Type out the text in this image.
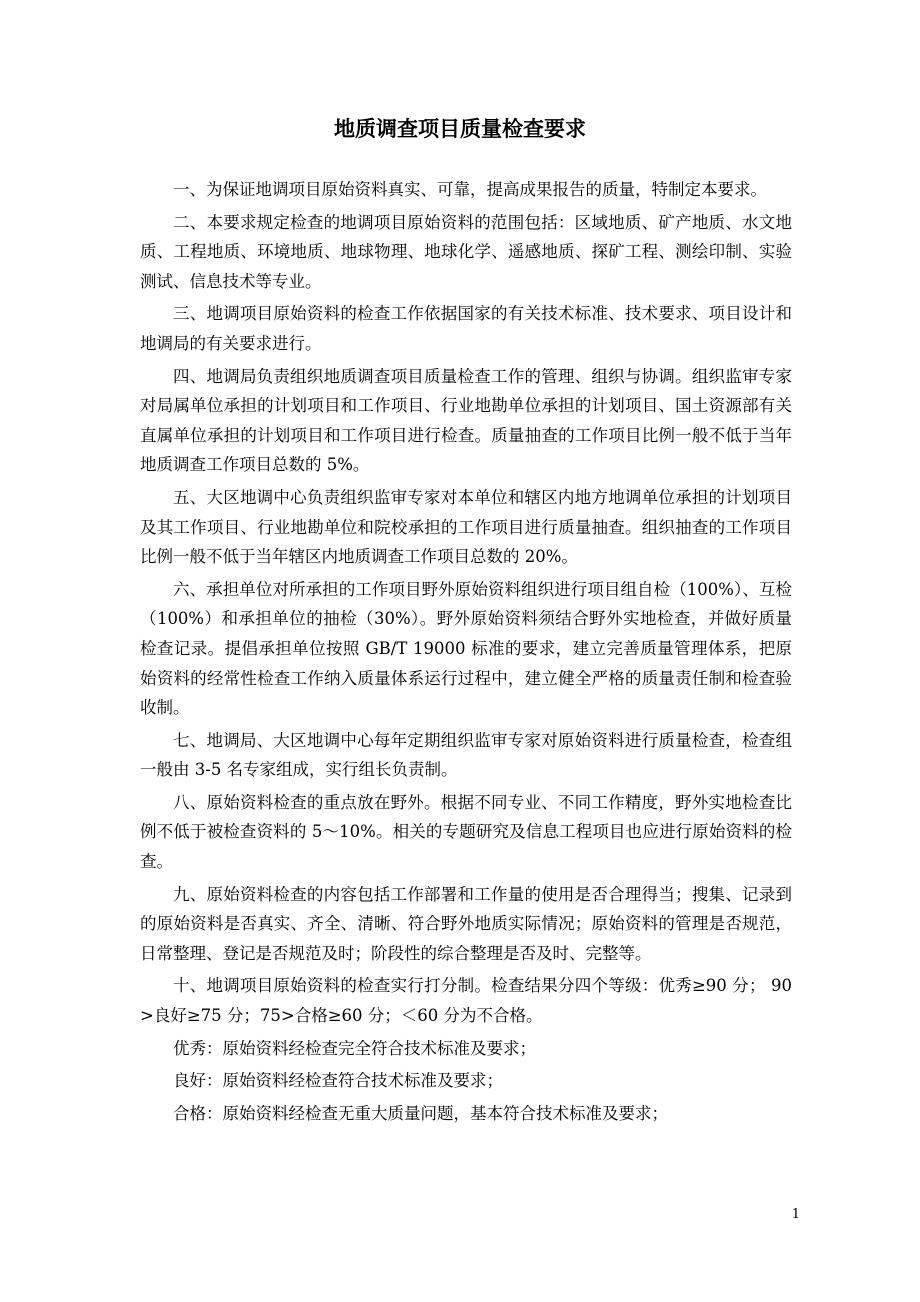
地质调查项目质量检查要求

一、为保证地调项目原始资料真实、可靠，提高成果报告的质量，特制定本要求。

二、本要求规定检查的地调项目原始资料的范围包括：区域地质、矿产地质、水文地质、工程地质、环境地质、地球物理、地球化学、遥感地质、探矿工程、测绘印制、实验测试、信息技术等专业。

三、地调项目原始资料的检查工作依据国家的有关技术标准、技术要求、项目设计和地调局的有关要求进行。

四、地调局负责组织地质调查项目质量检查工作的管理、组织与协调。组织监审专家对局属单位承担的计划项目和工作项目、行业地勘单位承担的计划项目、国土资源部有关直属单位承担的计划项目和工作项目进行检查。质量抽查的工作项目比例一般不低于当年地质调查工作项目总数的 5%。

五、大区地调中心负责组织监审专家对本单位和辖区内地方地调单位承担的计划项目及其工作项目、行业地勘单位和院校承担的工作项目进行质量抽查。组织抽查的工作项目比例一般不低于当年辖区内地质调查工作项目总数的 20%。

六、承担单位对所承担的工作项目野外原始资料组织进行项目组自检（100%）、互检（100%）和承担单位的抽检（30%）。野外原始资料须结合野外实地检查，并做好质量检查记录。提倡承担单位按照 GB/T 19000 标准的要求，建立完善质量管理体系，把原始资料的经常性检查工作纳入质量体系运行过程中，建立健全严格的质量责任制和检查验收制。

七、地调局、大区地调中心每年定期组织监审专家对原始资料进行质量检查，检查组一般由 3-5 名专家组成，实行组长负责制。

八、原始资料检查的重点放在野外。根据不同专业、不同工作精度，野外实地检查比例不低于被检查资料的 5～10%。相关的专题研究及信息工程项目也应进行原始资料的检查。

九、原始资料检查的内容包括工作部署和工作量的使用是否合理得当；搜集、记录到的原始资料是否真实、齐全、清晰、符合野外地质实际情况；原始资料的管理是否规范，日常整理、登记是否规范及时；阶段性的综合整理是否及时、完整等。

十、地调项目原始资料的检查实行打分制。检查结果分四个等级：优秀≥90 分； 90>良好≥75 分；75>合格≥60 分；＜60 分为不合格。

优秀：原始资料经检查完全符合技术标准及要求；

良好：原始资料经检查符合技术标准及要求；

合格：原始资料经检查无重大质量问题，基本符合技术标准及要求；

1
